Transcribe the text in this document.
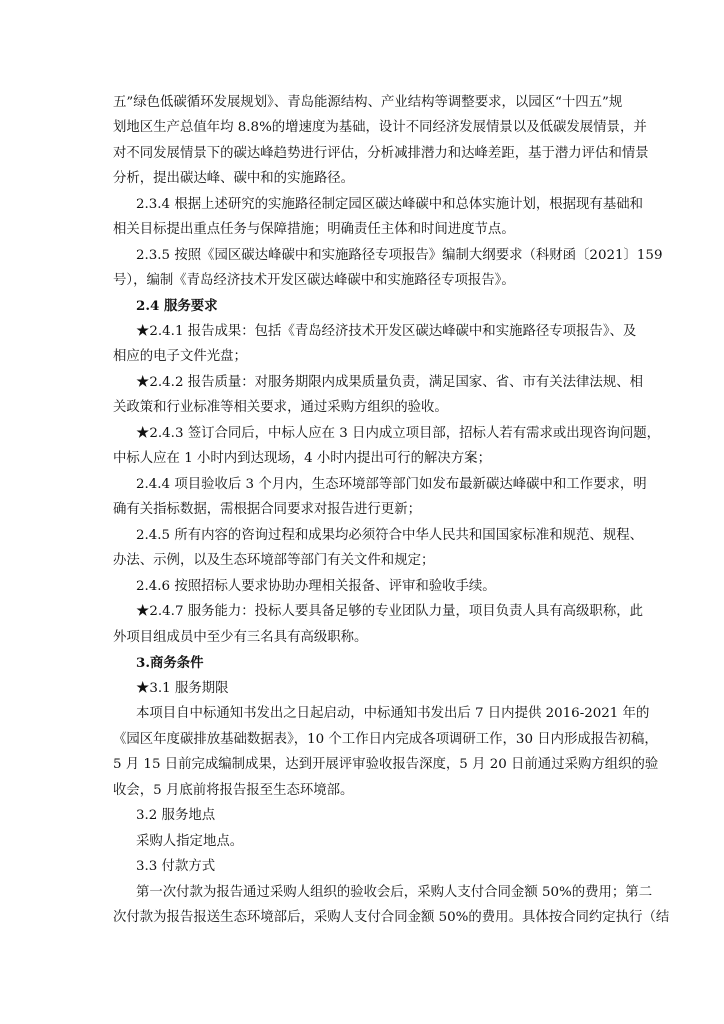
五”绿色低碳循环发展规划》、青岛能源结构、产业结构等调整要求，以园区“十四五”规
划地区生产总值年均 8.8%的增速度为基础，设计不同经济发展情景以及低碳发展情景，并
对不同发展情景下的碳达峰趋势进行评估，分析减排潜力和达峰差距，基于潜力评估和情景
分析，提出碳达峰、碳中和的实施路径。
2.3.4 根据上述研究的实施路径制定园区碳达峰碳中和总体实施计划，根据现有基础和
相关目标提出重点任务与保障措施；明确责任主体和时间进度节点。
2.3.5 按照《园区碳达峰碳中和实施路径专项报告》编制大纲要求（科财函〔2021〕159
号），编制《青岛经济技术开发区碳达峰碳中和实施路径专项报告》。
2.4 服务要求
★2.4.1 报告成果：包括《青岛经济技术开发区碳达峰碳中和实施路径专项报告》、及
相应的电子文件光盘；
★2.4.2 报告质量：对服务期限内成果质量负责，满足国家、省、市有关法律法规、相
关政策和行业标准等相关要求，通过采购方组织的验收。
★2.4.3 签订合同后，中标人应在 3 日内成立项目部，招标人若有需求或出现咨询问题，
中标人应在 1 小时内到达现场，4 小时内提出可行的解决方案；
2.4.4 项目验收后 3 个月内，生态环境部等部门如发布最新碳达峰碳中和工作要求，明
确有关指标数据，需根据合同要求对报告进行更新；
2.4.5 所有内容的咨询过程和成果均必须符合中华人民共和国国家标准和规范、规程、
办法、示例，以及生态环境部等部门有关文件和规定；
2.4.6 按照招标人要求协助办理相关报备、评审和验收手续。
★2.4.7 服务能力：投标人要具备足够的专业团队力量，项目负责人具有高级职称，此
外项目组成员中至少有三名具有高级职称。
3.商务条件
★3.1 服务期限
本项目自中标通知书发出之日起启动，中标通知书发出后 7 日内提供 2016-2021 年的
《园区年度碳排放基础数据表》，10 个工作日内完成各项调研工作，30 日内形成报告初稿，
5 月 15 日前完成编制成果，达到开展评审验收报告深度，5 月 20 日前通过采购方组织的验
收会，5 月底前将报告报至生态环境部。
3.2 服务地点
采购人指定地点。
3.3 付款方式
第一次付款为报告通过采购人组织的验收会后，采购人支付合同金额 50%的费用；第二
次付款为报告报送生态环境部后，采购人支付合同金额 50%的费用。具体按合同约定执行（结
